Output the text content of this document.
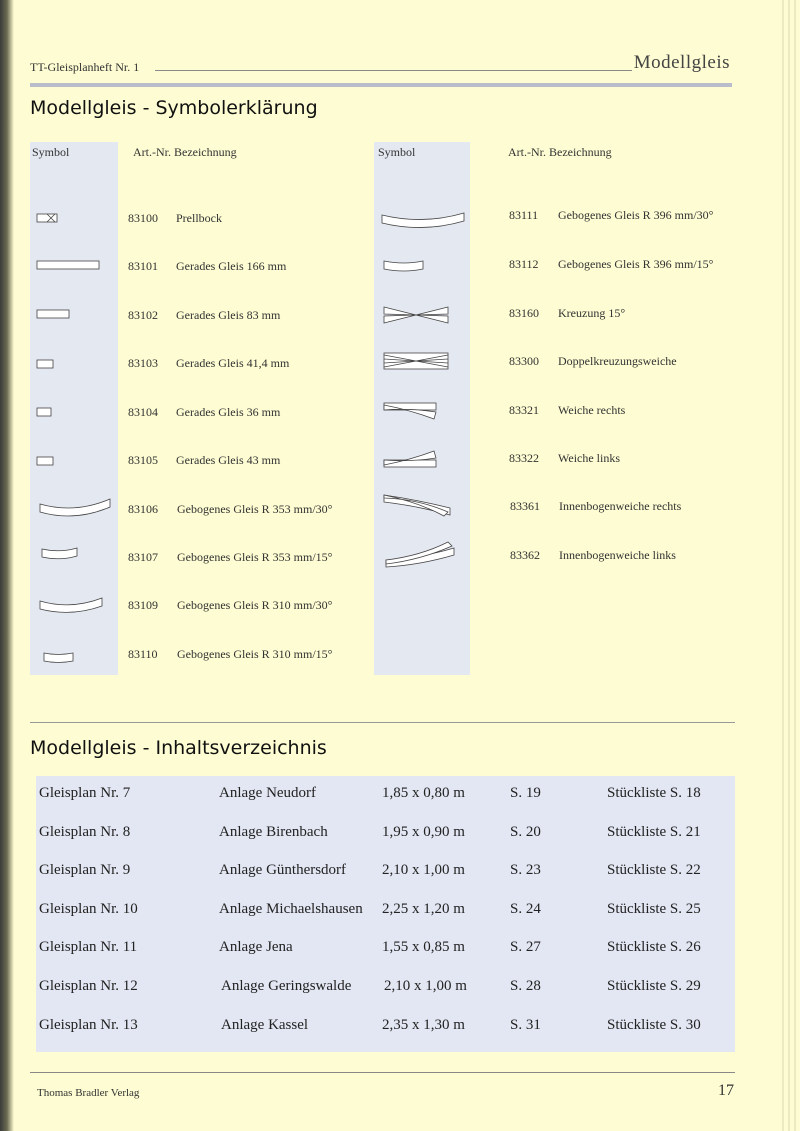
TT-Gleisplanheft Nr. 1	Modellgleis
Modellgleis - Symbolerklärung
Symbol	Art.-Nr. Bezeichnung	Symbol	Art.-Nr. Bezeichnung
83100 Prellbock
83101 Gerades Gleis 166 mm
83102 Gerades Gleis 83 mm
83103 Gerades Gleis 41,4 mm
83104 Gerades Gleis 36 mm
83105 Gerades Gleis 43 mm
83106 Gebogenes Gleis R 353 mm/30°
83107 Gebogenes Gleis R 353 mm/15°
83109 Gebogenes Gleis R 310 mm/30°
83110 Gebogenes Gleis R 310 mm/15°
83111 Gebogenes Gleis R 396 mm/30°
83112 Gebogenes Gleis R 396 mm/15°
83160 Kreuzung 15°
83300 Doppelkreuzungsweiche
83321 Weiche rechts
83322 Weiche links
83361 Innenbogenweiche rechts
83362 Innenbogenweiche links
Modellgleis - Inhaltsverzeichnis
Gleisplan Nr. 7	Anlage Neudorf	1,85 x 0,80 m	S. 19	Stückliste S. 18
Gleisplan Nr. 8	Anlage Birenbach	1,95 x 0,90 m	S. 20	Stückliste S. 21
Gleisplan Nr. 9	Anlage Günthersdorf 2,10 x 1,00 m	S. 23	Stückliste S. 22
Gleisplan Nr. 10	Anlage Michaelshausen 2,25 x 1,20 m	S. 24	Stückliste S. 25
Gleisplan Nr. 11	Anlage Jena	1,55 x 0,85 m	S. 27	Stückliste S. 26
Gleisplan Nr. 12	Anlage Geringswalde 2,10 x 1,00 m	S. 28	Stückliste S. 29
Gleisplan Nr. 13	Anlage Kassel	2,35 x 1,30 m	S. 31	Stückliste S. 30
Thomas Bradler Verlag	17
